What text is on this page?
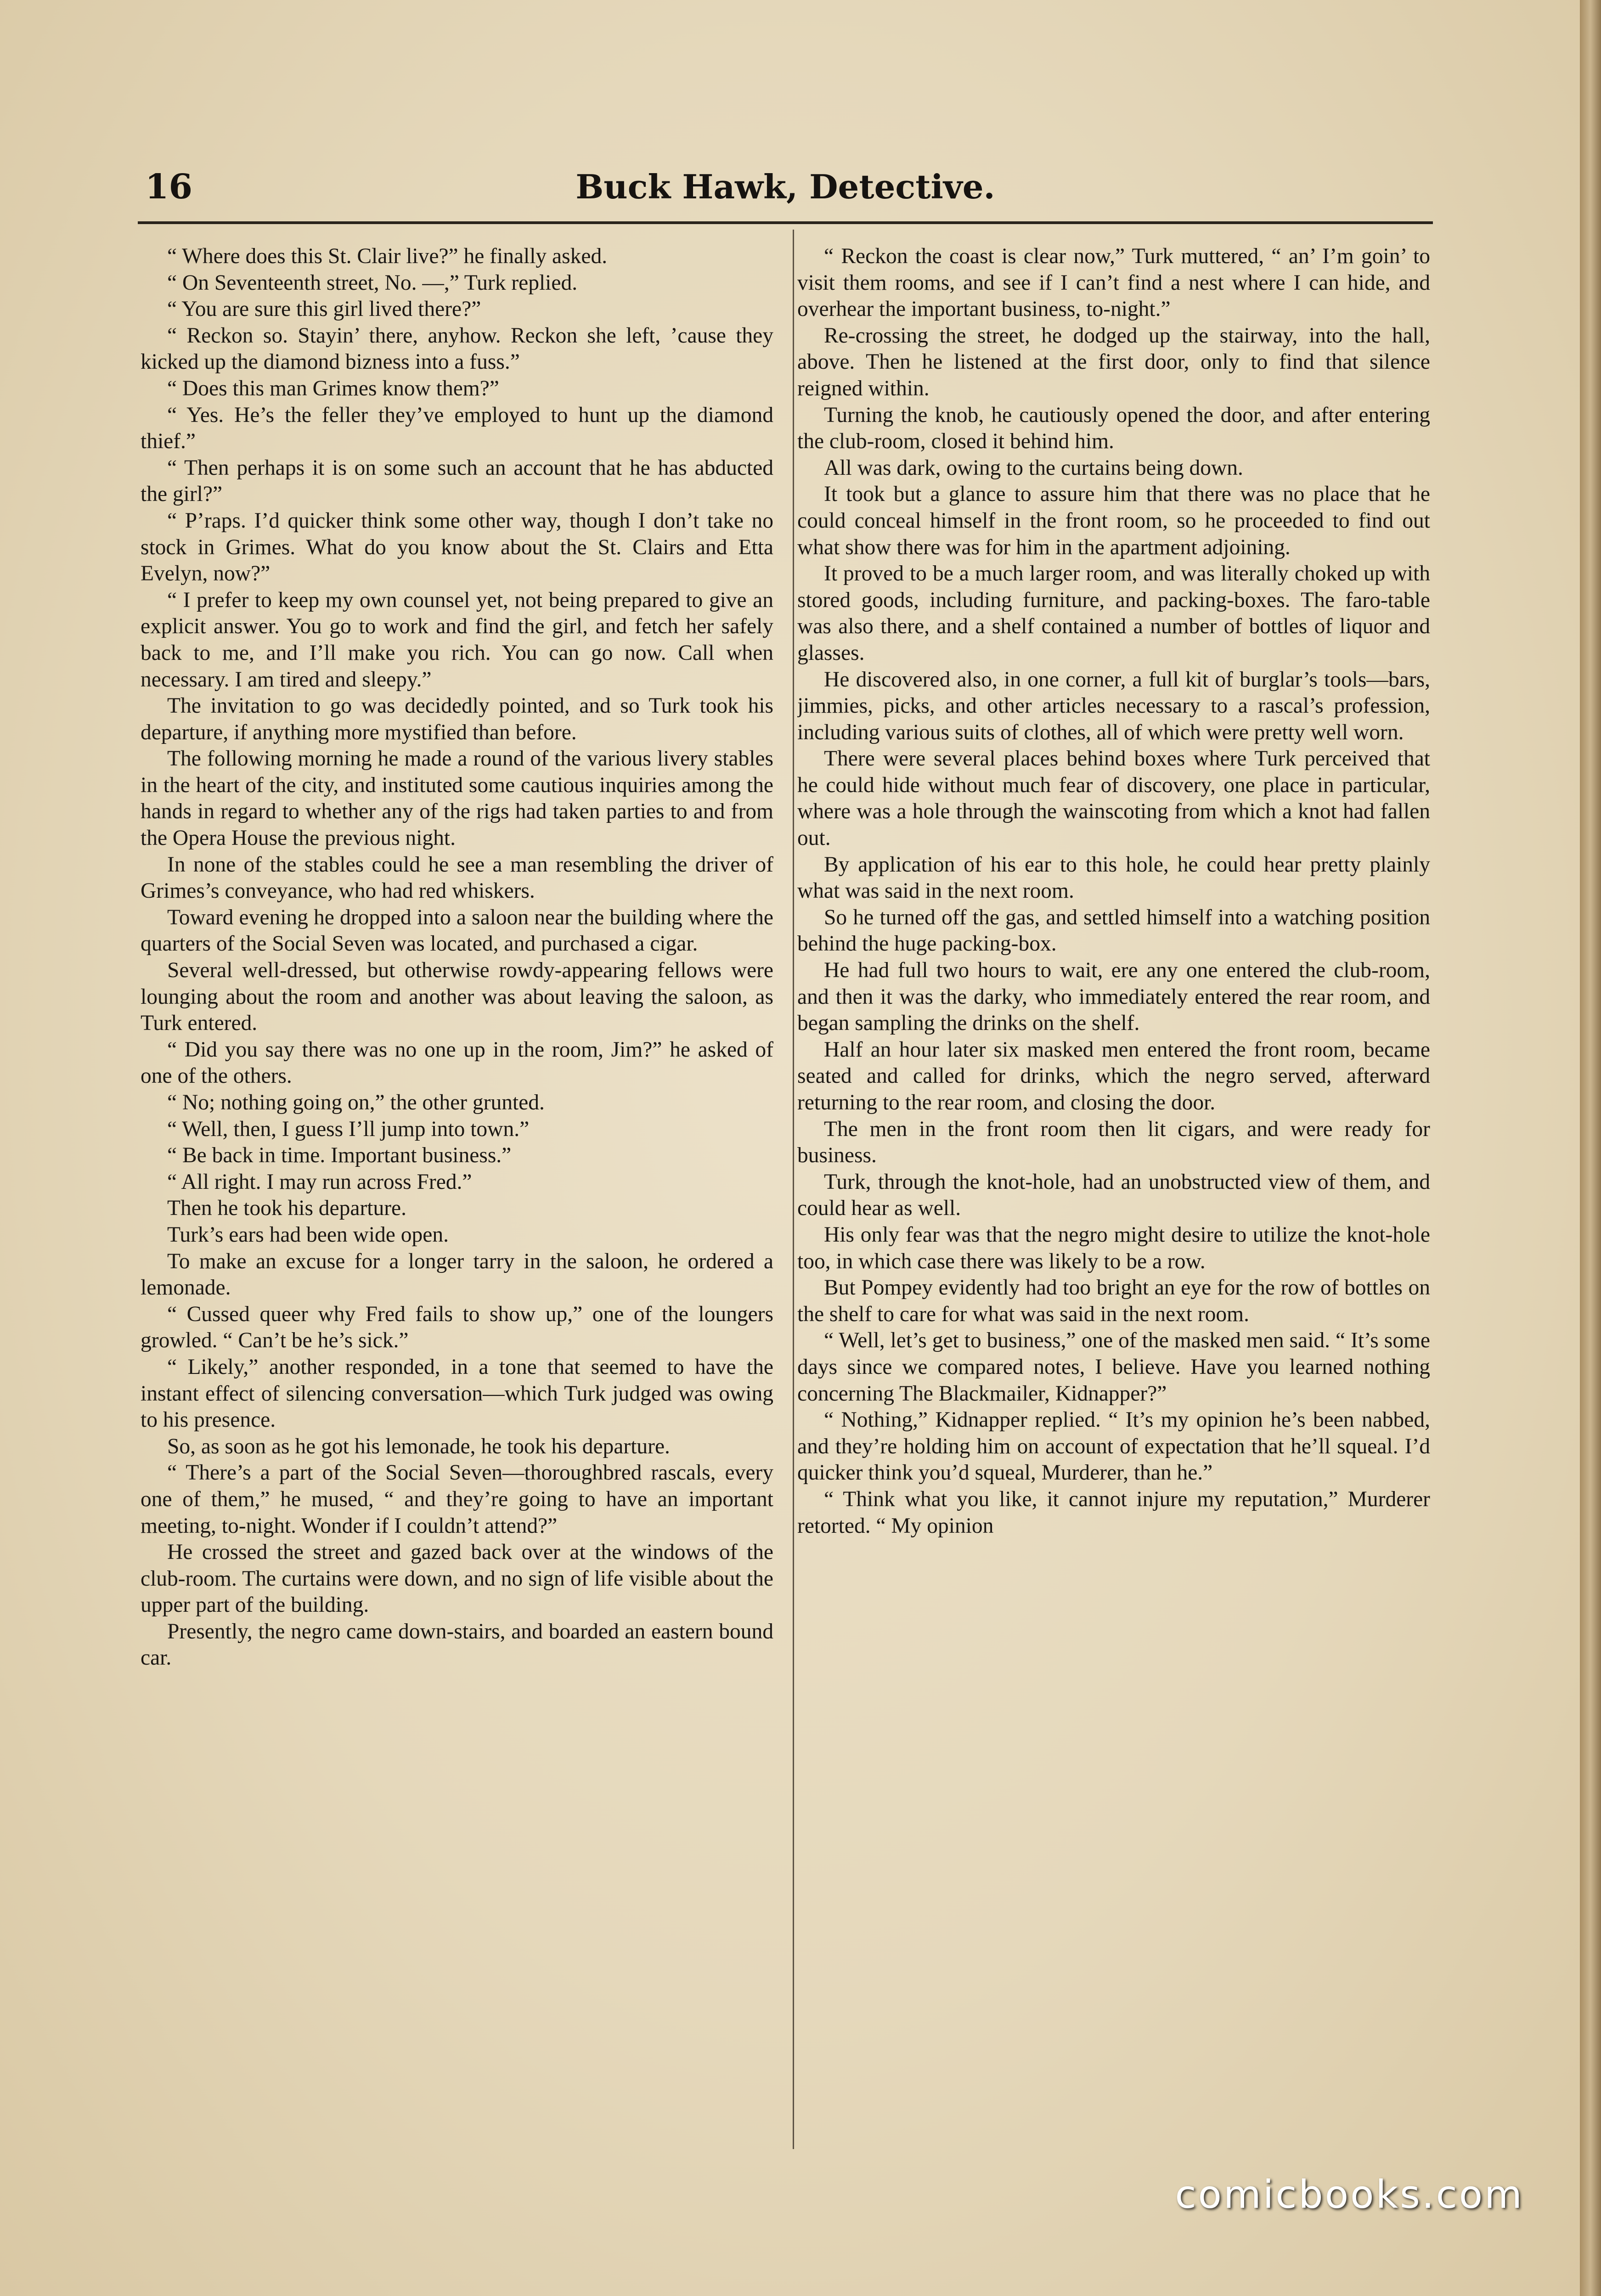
16	Buck Hawk, Detective.

“ Where does this St. Clair live?” he finally asked.

“ On Seventeenth street, No. —,” Turk replied.

“ You are sure this girl lived there?”

“ Reckon so. Stayin’ there, anyhow. Reckon she left, ’cause they kicked up the diamond bizness into a fuss.”

“ Does this man Grimes know them?”

“ Yes. He’s the feller they’ve employed to hunt up the diamond thief.”

“ Then perhaps it is on some such an account that he has abducted the girl?”

“ P’raps. I’d quicker think some other way, though I don’t take no stock in Grimes. What do you know about the St. Clairs and Etta Evelyn, now?”

“ I prefer to keep my own counsel yet, not being prepared to give an explicit answer. You go to work and find the girl, and fetch her safely back to me, and I’ll make you rich. You can go now. Call when necessary. I am tired and sleepy.”

The invitation to go was decidedly pointed, and so Turk took his departure, if anything more mystified than before.

The following morning he made a round of the various livery stables in the heart of the city, and instituted some cautious inquiries among the hands in regard to whether any of the rigs had taken parties to and from the Opera House the previous night.

In none of the stables could he see a man resembling the driver of Grimes’s conveyance, who had red whiskers.

Toward evening he dropped into a saloon near the building where the quarters of the Social Seven was located, and purchased a cigar.

Several well-dressed, but otherwise rowdy-appearing fellows were lounging about the room and another was about leaving the saloon, as Turk entered.

“ Did you say there was no one up in the room, Jim?” he asked of one of the others.

“ No; nothing going on,” the other grunted.

“ Well, then, I guess I’ll jump into town.”

“ Be back in time. Important business.”

“ All right. I may run across Fred.”

Then he took his departure.

Turk’s ears had been wide open.

To make an excuse for a longer tarry in the saloon, he ordered a lemonade.

“ Cussed queer why Fred fails to show up,” one of the loungers growled. “ Can’t be he’s sick.”

“ Likely,” another responded, in a tone that seemed to have the instant effect of silencing conversation—which Turk judged was owing to his presence.

So, as soon as he got his lemonade, he took his departure.

“ There’s a part of the Social Seven—thoroughbred rascals, every one of them,” he mused, “ and they’re going to have an important meeting, to-night. Wonder if I couldn’t attend?”

He crossed the street and gazed back over at the windows of the club-room. The curtains were down, and no sign of life visible about the upper part of the building.

Presently, the negro came down-stairs, and boarded an eastern bound car.

“ Reckon the coast is clear now,” Turk muttered, “ an’ I’m goin’ to visit them rooms, and see if I can’t find a nest where I can hide, and overhear the important business, to-night.”

Re-crossing the street, he dodged up the stairway, into the hall, above. Then he listened at the first door, only to find that silence reigned within.

Turning the knob, he cautiously opened the door, and after entering the club-room, closed it behind him.

All was dark, owing to the curtains being down.

It took but a glance to assure him that there was no place that he could conceal himself in the front room, so he proceeded to find out what show there was for him in the apartment adjoining.

It proved to be a much larger room, and was literally choked up with stored goods, including furniture, and packing-boxes. The faro-table was also there, and a shelf contained a number of bottles of liquor and glasses.

He discovered also, in one corner, a full kit of burglar’s tools—bars, jimmies, picks, and other articles necessary to a rascal’s profession, including various suits of clothes, all of which were pretty well worn.

There were several places behind boxes where Turk perceived that he could hide without much fear of discovery, one place in particular, where was a hole through the wainscoting from which a knot had fallen out.

By application of his ear to this hole, he could hear pretty plainly what was said in the next room.

So he turned off the gas, and settled himself into a watching position behind the huge packing-box.

He had full two hours to wait, ere any one entered the club-room, and then it was the darky, who immediately entered the rear room, and began sampling the drinks on the shelf.

Half an hour later six masked men entered the front room, became seated and called for drinks, which the negro served, afterward returning to the rear room, and closing the door.

The men in the front room then lit cigars, and were ready for business.

Turk, through the knot-hole, had an unobstructed view of them, and could hear as well.

His only fear was that the negro might desire to utilize the knot-hole too, in which case there was likely to be a row.

But Pompey evidently had too bright an eye for the row of bottles on the shelf to care for what was said in the next room.

“ Well, let’s get to business,” one of the masked men said. “ It’s some days since we compared notes, I believe. Have you learned nothing concerning The Blackmailer, Kidnapper?”

“ Nothing,” Kidnapper replied. “ It’s my opinion he’s been nabbed, and they’re holding him on account of expectation that he’ll squeal. I’d quicker think you’d squeal, Murderer, than he.”

“ Think what you like, it cannot injure my reputation,” Murderer retorted. “ My opinion

comicbooks.com
